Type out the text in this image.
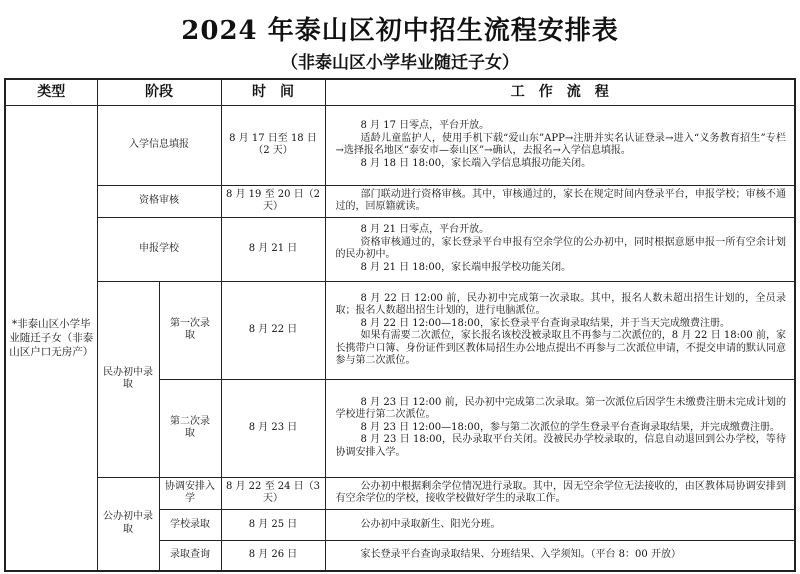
2024 年泰山区初中招生流程安排表
（非泰山区小学毕业随迁子女）
类型	阶段		时　间	工　作　流　程
*非泰山区小学毕业随迁子女（非泰山区户口无房产）	入学信息填报		8 月 17 日至 18 日（2 天）	8 月 17 日零点，平台开放。

适龄儿童监护人，使用手机下载“爱山东”APP→注册并实名认证登录→进入“义务教育招生”专栏→选择报名地区“泰安市—泰山区”→确认，去报名→入学信息填报。

8 月 18 日 18:00，家长端入学信息填报功能关闭。

	资格审核		8 月 19 至 20 日（2 天）	部门联动进行资格审核。其中，审核通过的，家长在规定时间内登录平台，申报学校；审核不通过的，回原籍就读。

	申报学校		8 月 21 日	8 月 21 日零点，平台开放。

资格审核通过的，家长登录平台申报有空余学位的公办初中，同时根据意愿申报一所有空余计划的民办初中。

8 月 21 日 18:00，家长端申报学校功能关闭。

	民办初中录取	第一次录　取	8 月 22 日	8 月 22 日 12:00 前，民办初中完成第一次录取。其中，报名人数未超出招生计划的，全员录取；报名人数超出招生计划的，进行电脑派位。

8 月 22 日 12:00—18:00，家长登录平台查询录取结果，并于当天完成缴费注册。

如果有需要二次派位，家长报名该校没被录取且不再参与二次派位的，8 月 22 日 18:00 前，家长携带户口簿、身份证件到区教体局招生办公地点提出不再参与二次派位申请，不提交申请的默认同意参与第二次派位。

		第二次录　取	8 月 23 日	8 月 23 日 12:00 前，民办初中完成第二次录取。第一次派位后因学生未缴费注册未完成计划的学校进行第二次派位。

8 月 23 日 12:00—18:00，参与第二次派位的学生登录平台查询录取结果，并完成缴费注册。

8 月 23 日 18:00，民办录取平台关闭。没被民办学校录取的，信息自动退回到公办学校，等待协调安排入学。

	公办初中录取	协调安排入学	8 月 22 至 24 日（3 天）	公办初中根据剩余学位情况进行录取。其中，因无空余学位无法接收的，由区教体局协调安排到有空余学位的学校，接收学校做好学生的录取工作。

		学校录取	8 月 25 日	公办初中录取新生、阳光分班。

		录取查询	8 月 26 日	家长登录平台查询录取结果、分班结果、入学须知。（平台 8：00 开放）
